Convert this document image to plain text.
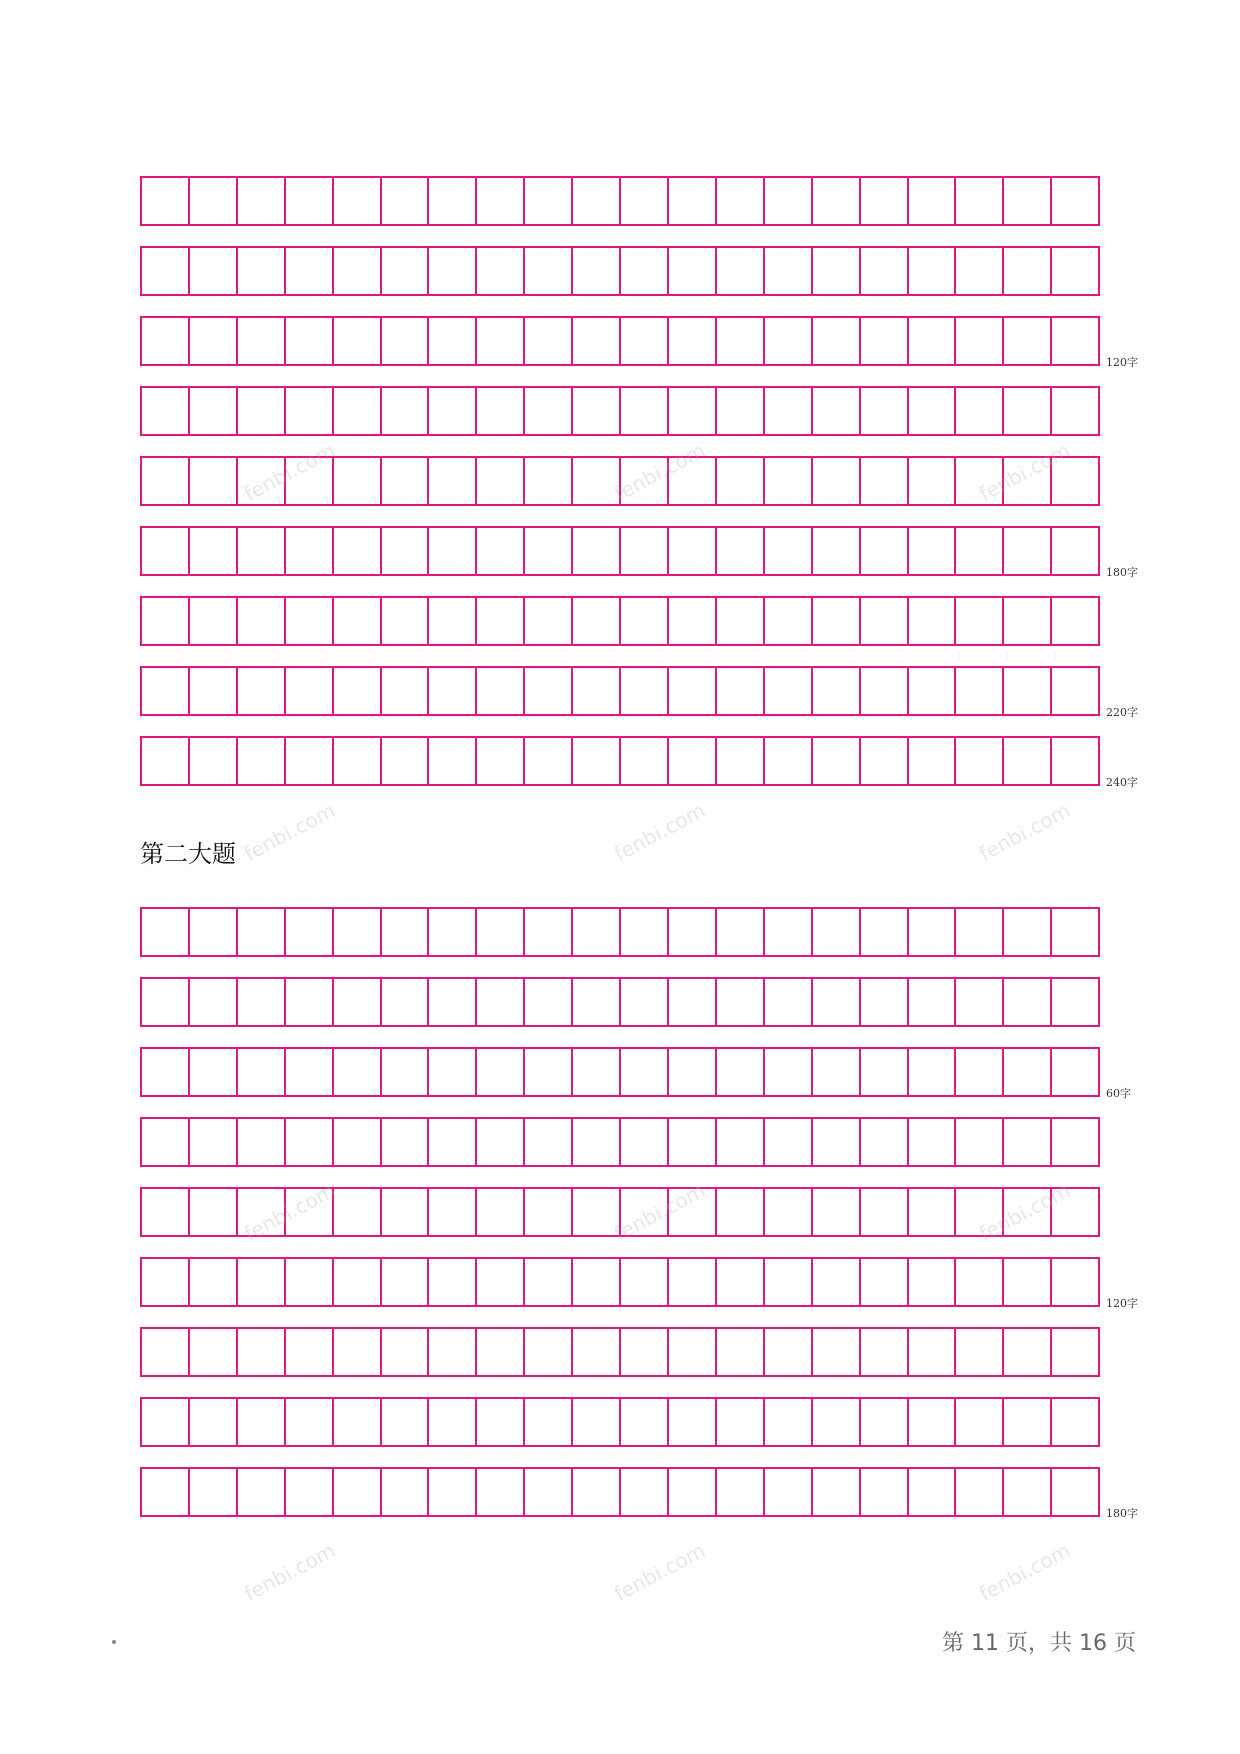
120字
180字
220字
240字
第二大题
60字
120字
180字
fenbi.com	fenbi.com	fenbi.com
fenbi.com	fenbi.com	fenbi.com
fenbi.com	fenbi.com	fenbi.com
fenbi.com	fenbi.com	fenbi.com
第 11 页，共 16 页
